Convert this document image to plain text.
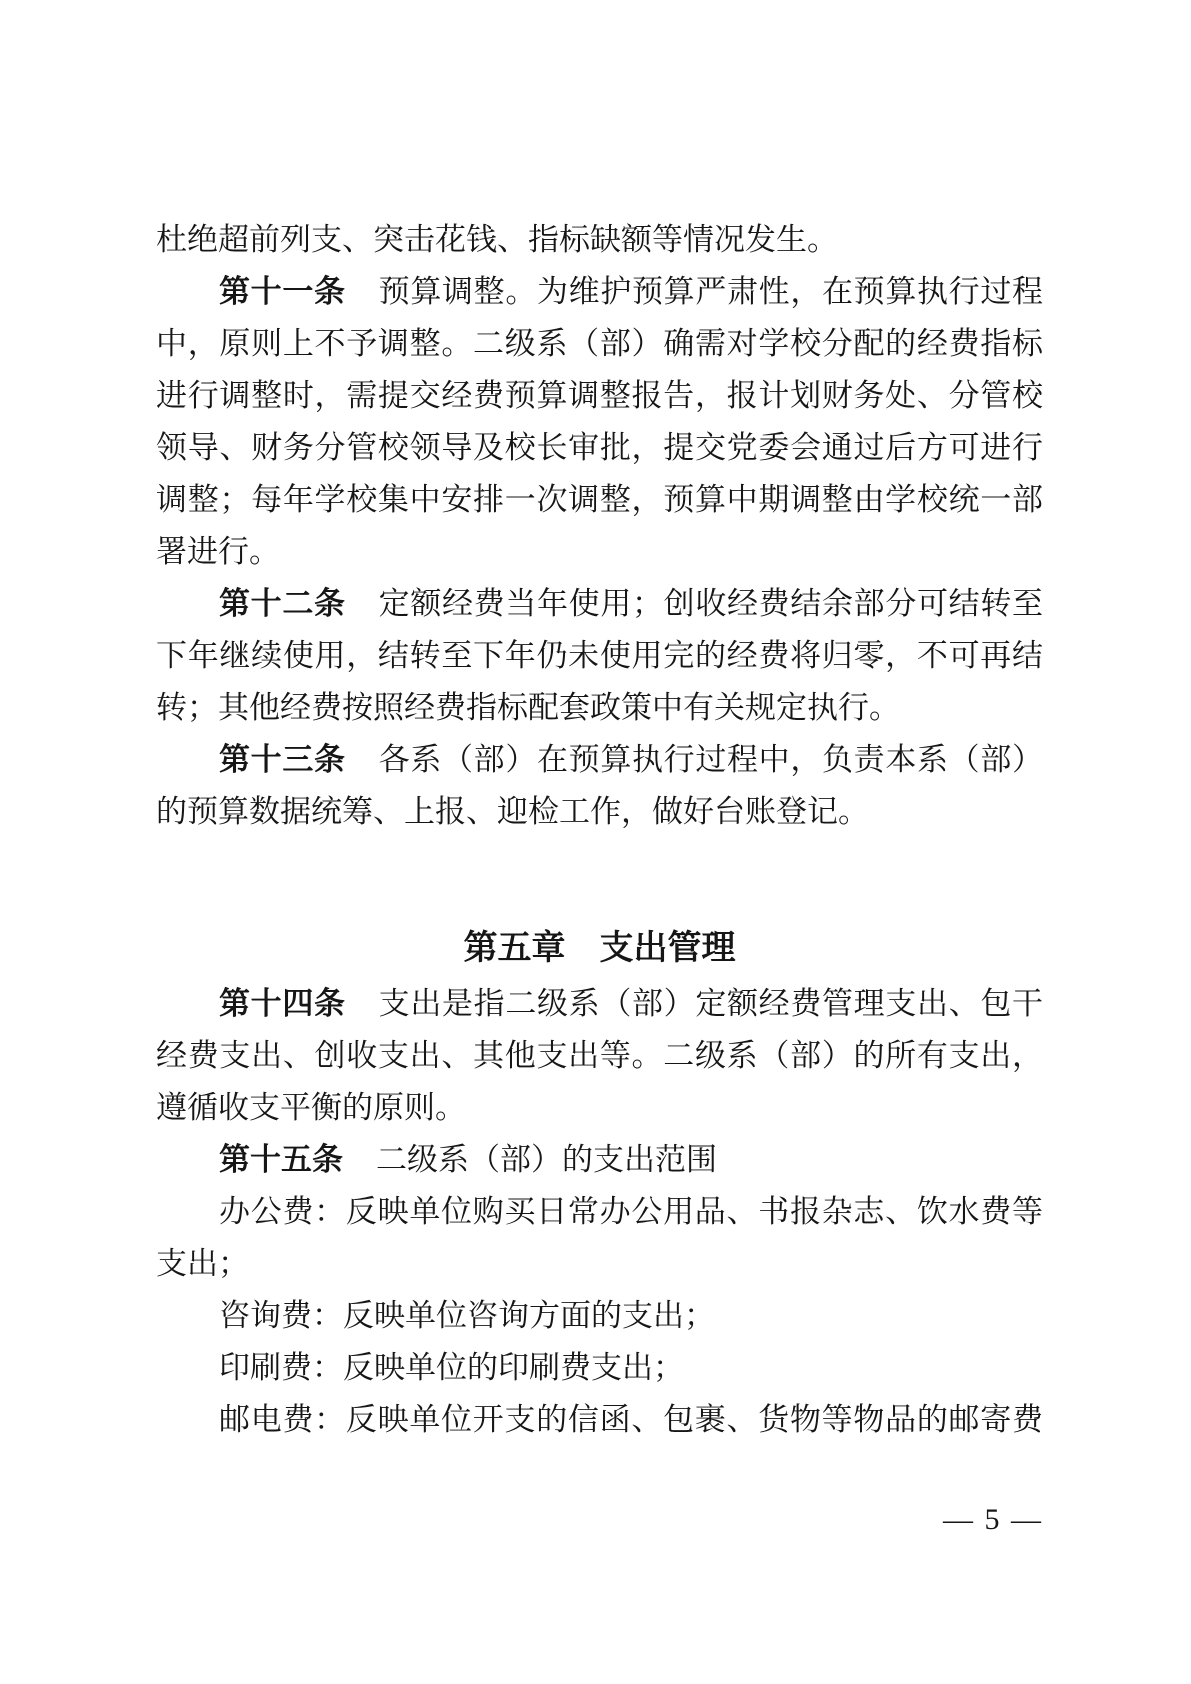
杜绝超前列支、突击花钱、指标缺额等情况发生。
第十一条 预算调整。为维护预算严肃性，在预算执行过程
中，原则上不予调整。二级系（部）确需对学校分配的经费指标
进行调整时，需提交经费预算调整报告，报计划财务处、分管校
领导、财务分管校领导及校长审批，提交党委会通过后方可进行
调整；每年学校集中安排一次调整，预算中期调整由学校统一部
署进行。
第十二条 定额经费当年使用；创收经费结余部分可结转至
下年继续使用，结转至下年仍未使用完的经费将归零，不可再结
转；其他经费按照经费指标配套政策中有关规定执行。
第十三条 各系（部）在预算执行过程中，负责本系（部）
的预算数据统筹、上报、迎检工作，做好台账登记。
第五章 支出管理
第十四条 支出是指二级系（部）定额经费管理支出、包干
经费支出、创收支出、其他支出等。二级系（部）的所有支出，
遵循收支平衡的原则。
第十五条 二级系（部）的支出范围
办公费：反映单位购买日常办公用品、书报杂志、饮水费等
支出；
咨询费：反映单位咨询方面的支出；
印刷费：反映单位的印刷费支出；
邮电费：反映单位开支的信函、包裹、货物等物品的邮寄费
— 5 —
